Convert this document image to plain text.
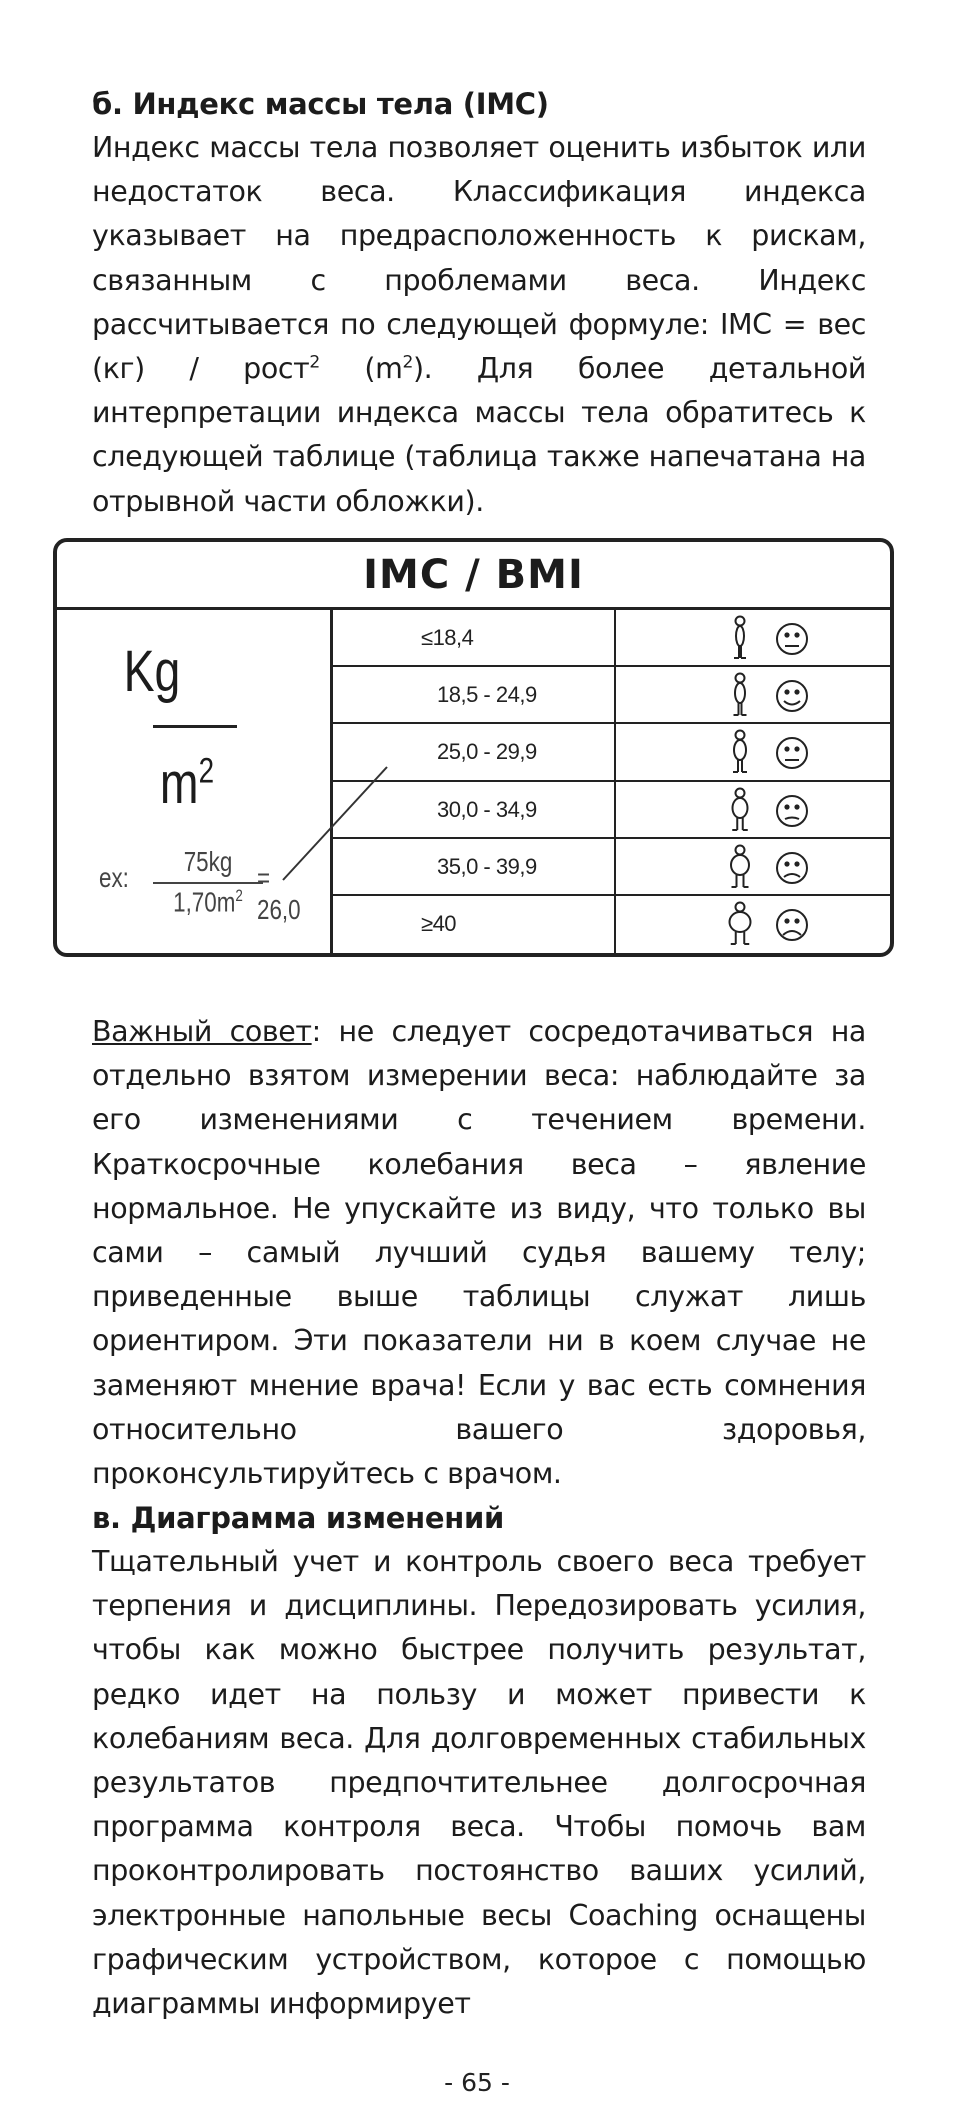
б. Индекс массы тела (IMC)

Индекс массы тела позволяет оценить избыток или недостаток веса. Классификация индекса указывает на предрасположенность к рискам, связанным с проблемами веса. Индекс рассчитывается по следующей формуле: IMC = вес (кг) / рост$^2$ $(m^2)$. Для более детальной интерпретации индекса массы тела обратитесь к следующей таблице (таблица также напечатана на отрывной части обложки).

IMC / BMI
Kg
$m^2$
ex:
75kg
$1,70m^2$
= 26,0
≤18,4
18,5 - 24,9
25,0 - 29,9
30,0 - 34,9
35,0 - 39,9
≥40

Важный совет: не следует сосредотачиваться на отдельно взятом измерении веса: наблюдайте за его изменениями с течением времени. Краткосрочные колебания веса – явление нормальное. Не упускайте из виду, что только вы сами – самый лучший судья вашему телу; приведенные выше таблицы служат лишь ориентиром. Эти показатели ни в коем случае не заменяют мнение врача! Если у вас есть сомнения относительно вашего здоровья, проконсультируйтесь с врачом.

в. Диаграмма изменений

Тщательный учет и контроль своего веса требует терпения и дисциплины. Передозировать усилия, чтобы как можно быстрее получить результат, редко идет на пользу и может привести к колебаниям веса. Для долговременных стабильных результатов предпочтительнее долгосрочная программа контроля веса. Чтобы помочь вам проконтролировать постоянство ваших усилий, электронные напольные весы Coaching оснащены графическим устройством, которое с помощью диаграммы информирует

- 65 -
